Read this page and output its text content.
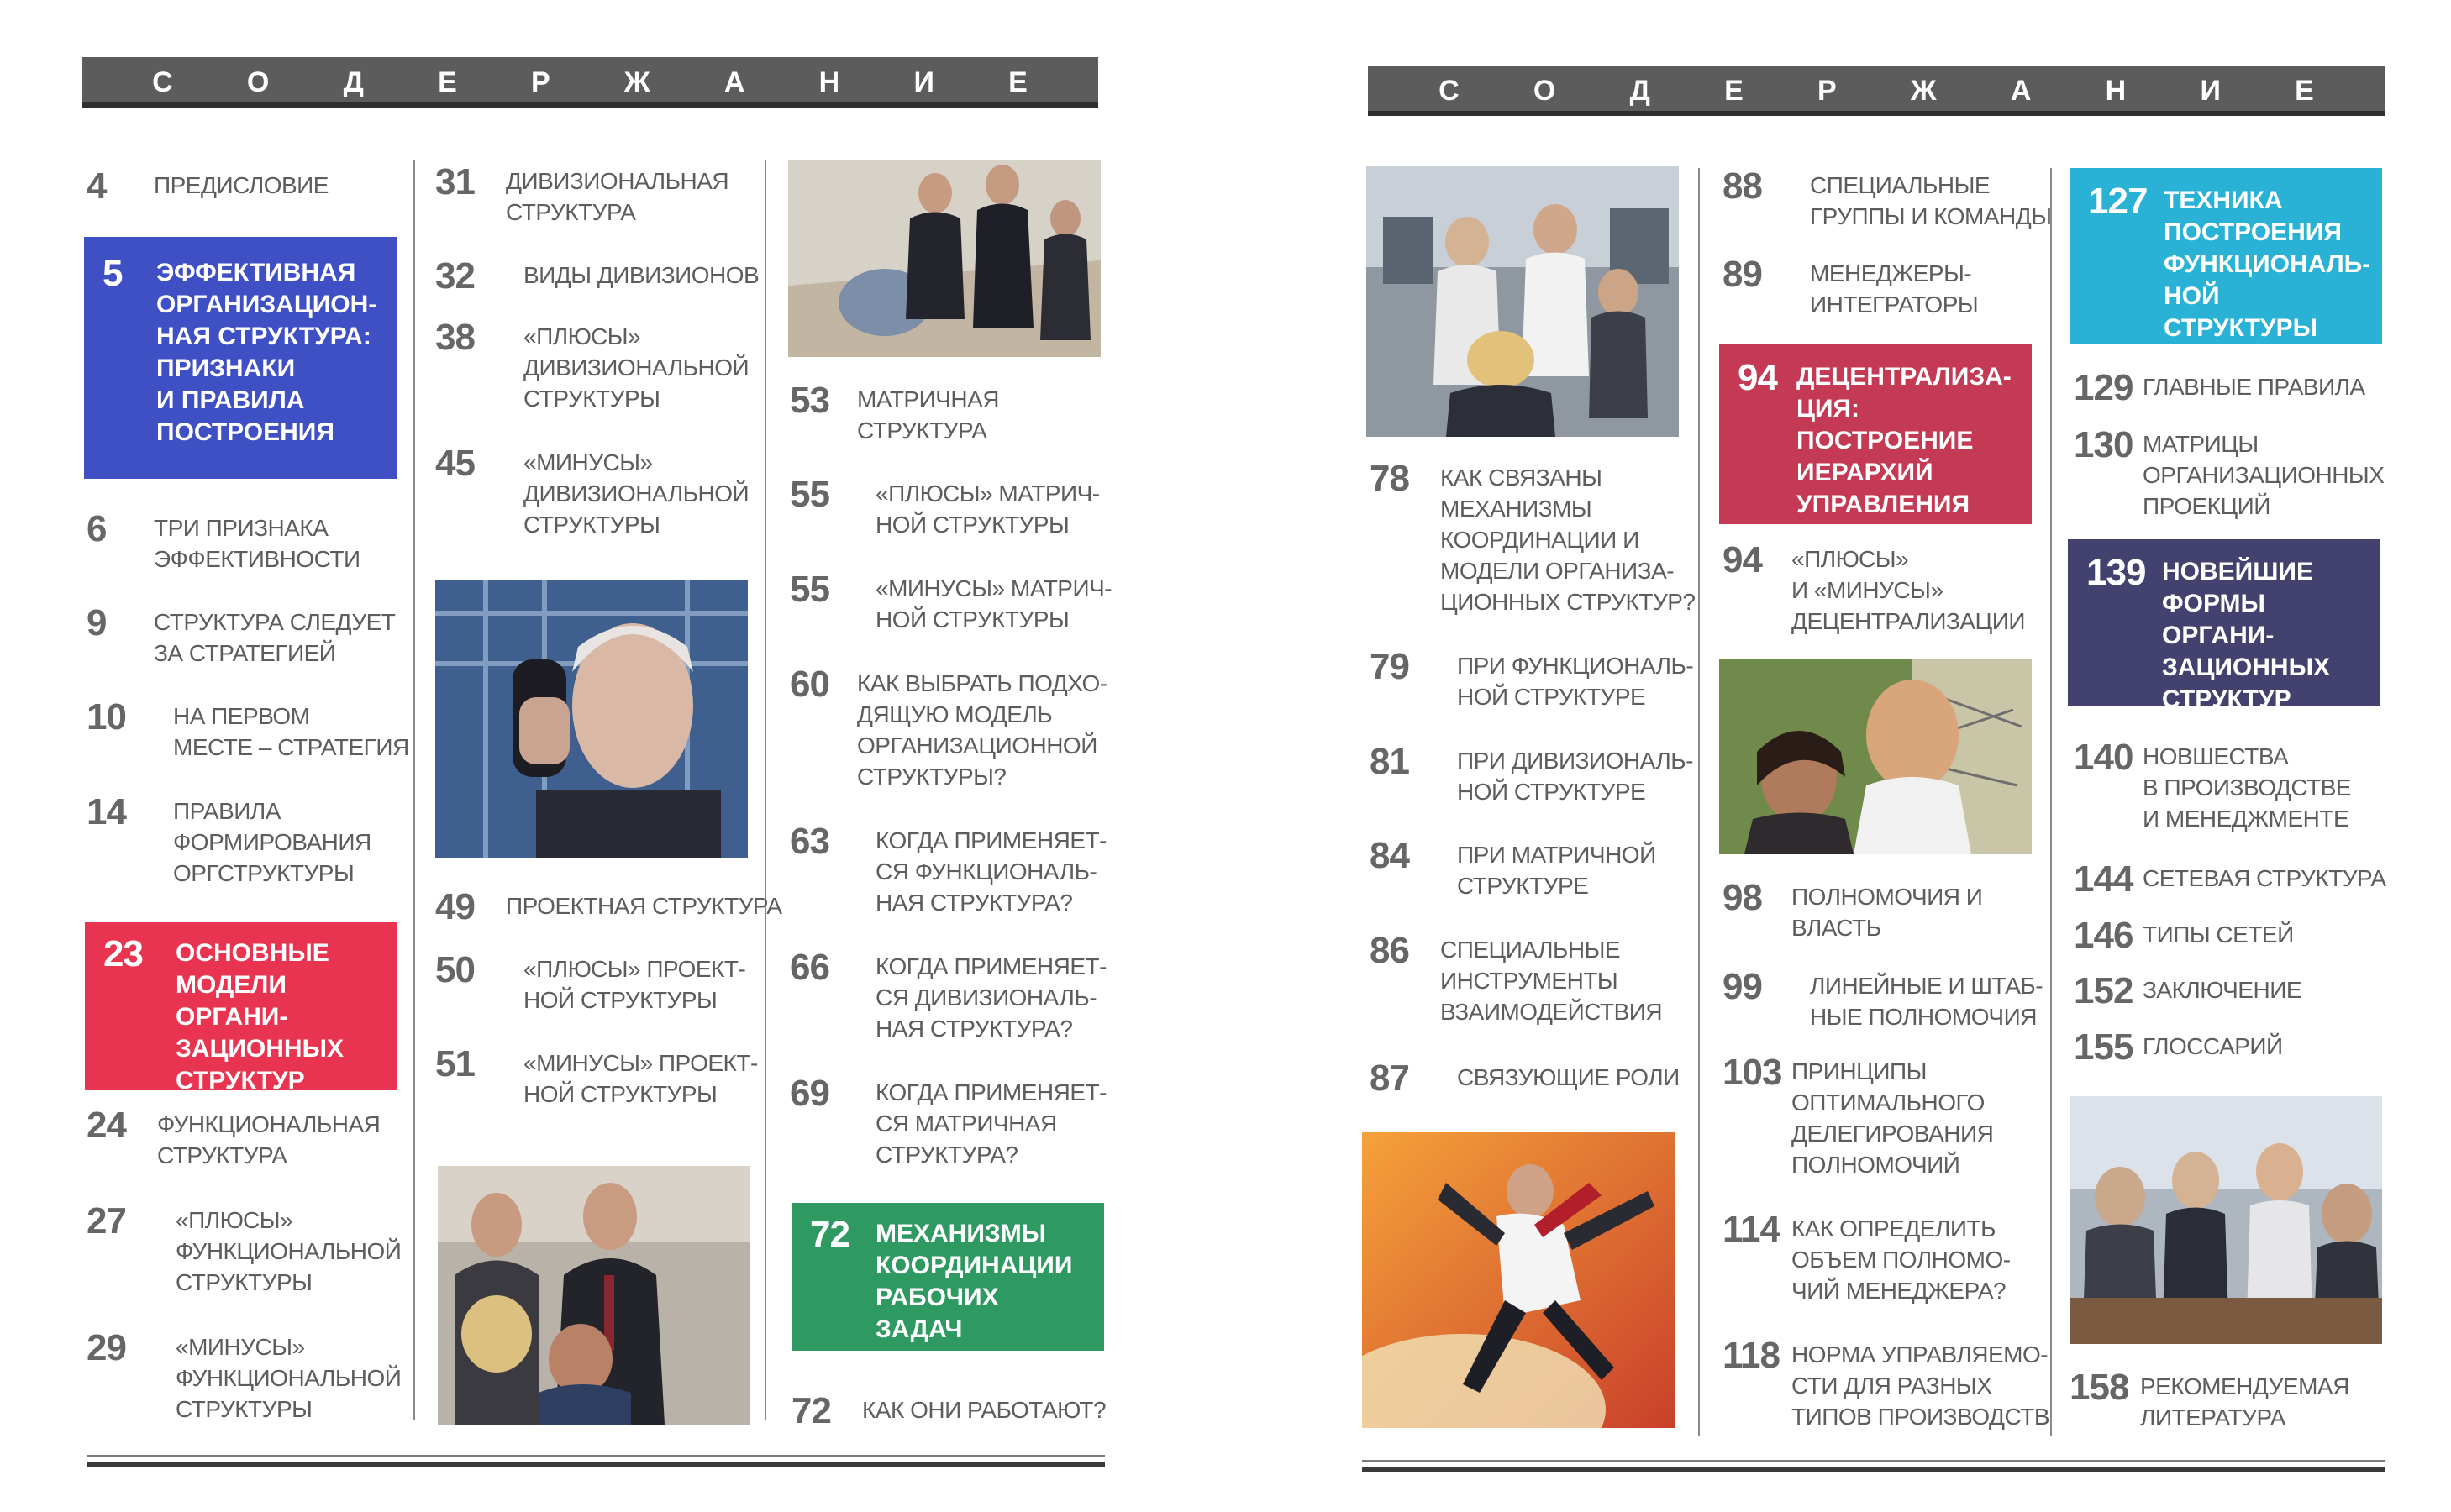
С	О	Д	Е	Р	Ж	А	Н	И	Е
4	ПРЕДИСЛОВИЕ
5	ЭФФЕКТИВНАЯ
ОРГАНИЗАЦИОН-
НАЯ СТРУКТУРА:
ПРИЗНАКИ
И ПРАВИЛА
ПОСТРОЕНИЯ
6	ТРИ ПРИЗНАКА
ЭФФЕКТИВНОСТИ
9	СТРУКТУРА СЛЕДУЕТ
ЗА СТРАТЕГИЕЙ
10	НА ПЕРВОМ
МЕСТЕ – СТРАТЕГИЯ
14	ПРАВИЛА
ФОРМИРОВАНИЯ
ОРГСТРУКТУРЫ
23	ОСНОВНЫЕ
МОДЕЛИ ОРГАНИ-
ЗАЦИОННЫХ
СТРУКТУР
24	ФУНКЦИОНАЛЬНАЯ
СТРУКТУРА
27	«ПЛЮСЫ»
ФУНКЦИОНАЛЬНОЙ
СТРУКТУРЫ
29	«МИНУСЫ»
ФУНКЦИОНАЛЬНОЙ
СТРУКТУРЫ
31	ДИВИЗИОНАЛЬНАЯ
СТРУКТУРА
32	ВИДЫ ДИВИЗИОНОВ
38	«ПЛЮСЫ»
ДИВИЗИОНАЛЬНОЙ
СТРУКТУРЫ
45	«МИНУСЫ»
ДИВИЗИОНАЛЬНОЙ
СТРУКТУРЫ
49	ПРОЕКТНАЯ СТРУКТУРА
50	«ПЛЮСЫ» ПРОЕКТ-
НОЙ СТРУКТУРЫ
51	«МИНУСЫ» ПРОЕКТ-
НОЙ СТРУКТУРЫ
53	МАТРИЧНАЯ
СТРУКТУРА
55	«ПЛЮСЫ» МАТРИЧ-
НОЙ СТРУКТУРЫ
55	«МИНУСЫ» МАТРИЧ-
НОЙ СТРУКТУРЫ
60	КАК ВЫБРАТЬ ПОДХО-
ДЯЩУЮ МОДЕЛЬ
ОРГАНИЗАЦИОННОЙ
СТРУКТУРЫ?
63	КОГДА ПРИМЕНЯЕТ-
СЯ ФУНКЦИОНАЛЬ-
НАЯ СТРУКТУРА?
66	КОГДА ПРИМЕНЯЕТ-
СЯ ДИВИЗИОНАЛЬ-
НАЯ СТРУКТУРА?
69	КОГДА ПРИМЕНЯЕТ-
СЯ МАТРИЧНАЯ
СТРУКТУРА?
72	МЕХАНИЗМЫ
КООРДИНАЦИИ
РАБОЧИХ ЗАДАЧ
72	КАК ОНИ РАБОТАЮТ?
С	О	Д	Е	Р	Ж	А	Н	И	Е
78	КАК СВЯЗАНЫ
МЕХАНИЗМЫ
КООРДИНАЦИИ И
МОДЕЛИ ОРГАНИЗА-
ЦИОННЫХ СТРУКТУР?
79	ПРИ ФУНКЦИОНАЛЬ-
НОЙ СТРУКТУРЕ
81	ПРИ ДИВИЗИОНАЛЬ-
НОЙ СТРУКТУРЕ
84	ПРИ МАТРИЧНОЙ
СТРУКТУРЕ
86	СПЕЦИАЛЬНЫЕ
ИНСТРУМЕНТЫ
ВЗАИМОДЕЙСТВИЯ
87	СВЯЗУЮЩИЕ РОЛИ
88	СПЕЦИАЛЬНЫЕ
ГРУППЫ И КОМАНДЫ
89	МЕНЕДЖЕРЫ-
ИНТЕГРАТОРЫ
94 ДЕЦЕНТРАЛИЗА-
ЦИЯ: ПОСТРОЕНИЕ
ИЕРАРХИЙ
УПРАВЛЕНИЯ
94	«ПЛЮСЫ»
И «МИНУСЫ»
ДЕЦЕНТРАЛИЗАЦИИ
98	ПОЛНОМОЧИЯ И
ВЛАСТЬ
99	ЛИНЕЙНЫЕ И ШТАБ-
НЫЕ ПОЛНОМОЧИЯ
103 ПРИНЦИПЫ
ОПТИМАЛЬНОГО
ДЕЛЕГИРОВАНИЯ
ПОЛНОМОЧИЙ
114 КАК ОПРЕДЕЛИТЬ
ОБЪЕМ ПОЛНОМО-
ЧИЙ МЕНЕДЖЕРА?
118 НОРМА УПРАВЛЯЕМО-
СТИ ДЛЯ РАЗНЫХ
ТИПОВ ПРОИЗВОДСТВ
127 ТЕХНИКА
ПОСТРОЕНИЯ
ФУНКЦИОНАЛЬ-
НОЙ СТРУКТУРЫ
129 ГЛАВНЫЕ ПРАВИЛА
130 МАТРИЦЫ
ОРГАНИЗАЦИОННЫХ
ПРОЕКЦИЙ
139 НОВЕЙШИЕ
ФОРМЫ ОРГАНИ-
ЗАЦИОННЫХ
СТРУКТУР
140 НОВШЕСТВА
В ПРОИЗВОДСТВЕ
И МЕНЕДЖМЕНТЕ
144 СЕТЕВАЯ СТРУКТУРА
146 ТИПЫ СЕТЕЙ
152 ЗАКЛЮЧЕНИЕ
155 ГЛОССАРИЙ
158 РЕКОМЕНДУЕМАЯ
ЛИТЕРАТУРА
